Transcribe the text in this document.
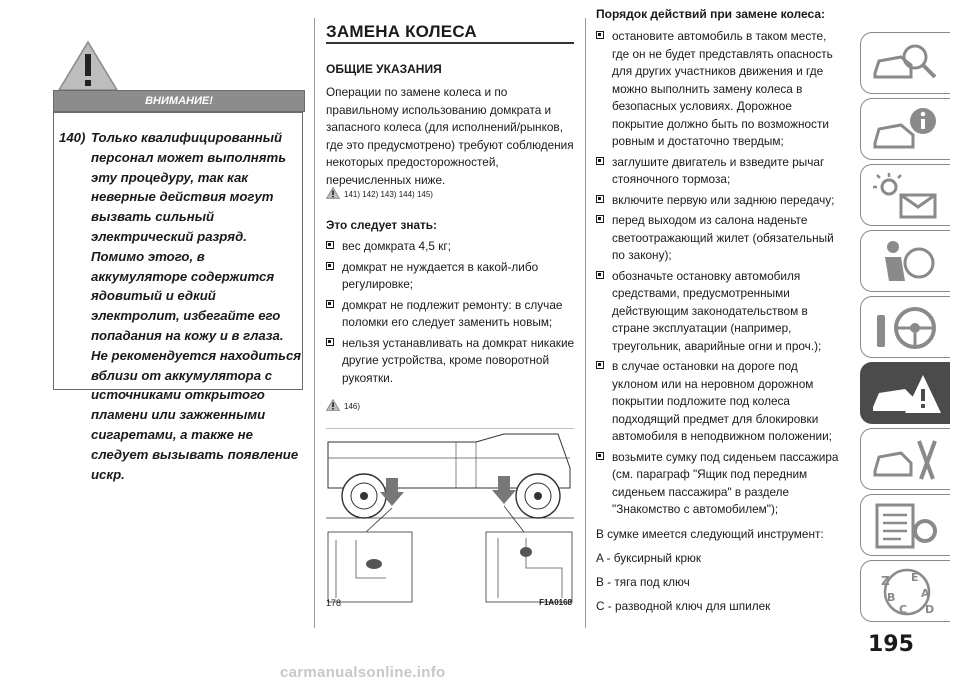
ВНИМАНИЕ!
140) Только квалифицированный персонал может выполнять эту процедуру, так как неверные действия могут вызвать сильный электрический разряд. Помимо этого, в аккумуляторе содержится ядовитый и едкий электролит, избегайте его попадания на кожу и в глаза. Не рекомендуется находиться вблизи от аккумулятора с источниками открытого пламени или зажженными сигаретами, а также не следует вызывать появление искр.
ЗАМЕНА КОЛЕСА
ОБЩИЕ УКАЗАНИЯ
Операции по замене колеса и по правильному использованию домкрата и запасного колеса (для исполнений/рынков, где это предусмотрено) требуют соблюдения некоторых предосторожностей, перечисленных ниже.
141) 142) 143) 144) 145)
Это следует знать:
вес домкрата 4,5 кг;
домкрат не нуждается в какой-либо регулировке;
домкрат не подлежит ремонту: в случае поломки его следует заменить новым;
нельзя устанавливать на домкрат никакие другие устройства, кроме поворотной рукоятки.
146)
178	F1A0168
Порядок действий при замене колеса:
остановите автомобиль в таком месте, где он не будет представлять опасность для других участников движения и где можно выполнить замену колеса в безопасных условиях. Дорожное покрытие должно быть по возможности ровным и достаточно твердым;
заглушите двигатель и взведите рычаг стояночного тормоза;
включите первую или заднюю передачу;
перед выходом из салона наденьте светоотражающий жилет (обязательный по закону);
обозначьте остановку автомобиля средствами, предусмотренными действующим законодательством в стране эксплуатации (например, треугольник, аварийные огни и проч.);
в случае остановки на дороге под уклоном или на неровном дорожном покрытии подложите под колеса подходящий предмет для блокировки автомобиля в неподвижном положении;
возьмите сумку под сиденьем пассажира (см. параграф "Ящик под передним сиденьем пассажира" в разделе "Знакомство с автомобилем");
В сумке имеется следующий инструмент:
A - буксирный крюк
B - тяга под ключ
C - разводной ключ для шпилек
Z E
A
B
C D
195
carmanualsonline.info
